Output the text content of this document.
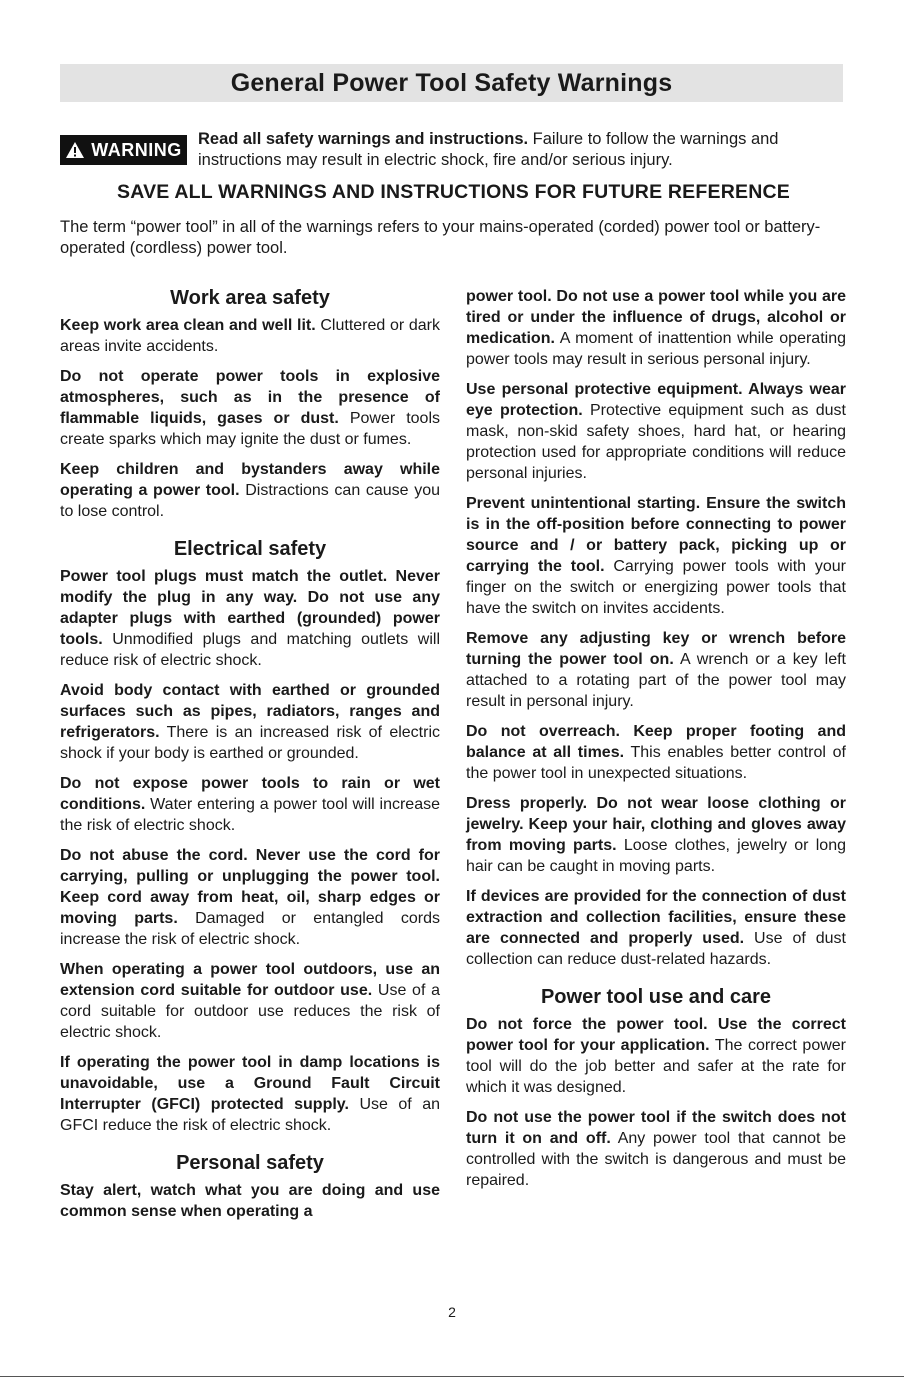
General Power Tool Safety Warnings
WARNING
Read all safety warnings and instructions. Failure to follow the warnings and instructions may result in electric shock, fire and/or serious injury.
SAVE ALL WARNINGS AND INSTRUCTIONS FOR FUTURE REFERENCE
The term “power tool” in all of the warnings refers to your mains-operated (corded) power tool or battery-operated (cordless) power tool.
Work area safety

Keep work area clean and well lit. Cluttered or dark areas invite accidents.

Do not operate power tools in explosive atmospheres, such as in the presence of flammable liquids, gases or dust. Power tools create sparks which may ignite the dust or fumes.

Keep children and bystanders away while operating a power tool. Distractions can cause you to lose control.

Electrical safety

Power tool plugs must match the outlet. Never modify the plug in any way. Do not use any adapter plugs with earthed (grounded) power tools. Unmodified plugs and matching outlets will reduce risk of electric shock.

Avoid body contact with earthed or grounded surfaces such as pipes, radiators, ranges and refrigerators. There is an increased risk of electric shock if your body is earthed or grounded.

Do not expose power tools to rain or wet conditions. Water entering a power tool will increase the risk of electric shock.

Do not abuse the cord. Never use the cord for carrying, pulling or unplugging the power tool. Keep cord away from heat, oil, sharp edges or moving parts. Damaged or entangled cords increase the risk of electric shock.

When operating a power tool outdoors, use an extension cord suitable for outdoor use. Use of a cord suitable for outdoor use reduces the risk of electric shock.

If operating the power tool in damp locations is unavoidable, use a Ground Fault Circuit Interrupter (GFCI) protected supply. Use of an GFCI reduce the risk of electric shock.

Personal safety

Stay alert, watch what you are doing and use common sense when operating a

power tool. Do not use a power tool while you are tired or under the influence of drugs, alcohol or medication. A moment of inattention while operating power tools may result in serious personal injury.

Use personal protective equipment. Always wear eye protection. Protective equipment such as dust mask, non-skid safety shoes, hard hat, or hearing protection used for appropriate conditions will reduce personal injuries.

Prevent unintentional starting. Ensure the switch is in the off-position before connecting to power source and / or battery pack, picking up or carrying the tool. Carrying power tools with your finger on the switch or energizing power tools that have the switch on invites accidents.

Remove any adjusting key or wrench before turning the power tool on. A wrench or a key left attached to a rotating part of the power tool may result in personal injury.

Do not overreach. Keep proper footing and balance at all times. This enables better control of the power tool in unexpected situations.

Dress properly. Do not wear loose clothing or jewelry. Keep your hair, clothing and gloves away from moving parts. Loose clothes, jewelry or long hair can be caught in moving parts.

If devices are provided for the connection of dust extraction and collection facilities, ensure these are connected and properly used. Use of dust collection can reduce dust-related hazards.

Power tool use and care

Do not force the power tool. Use the correct power tool for your application. The correct power tool will do the job better and safer at the rate for which it was designed.

Do not use the power tool if the switch does not turn it on and off. Any power tool that cannot be controlled with the switch is dangerous and must be repaired.

2
